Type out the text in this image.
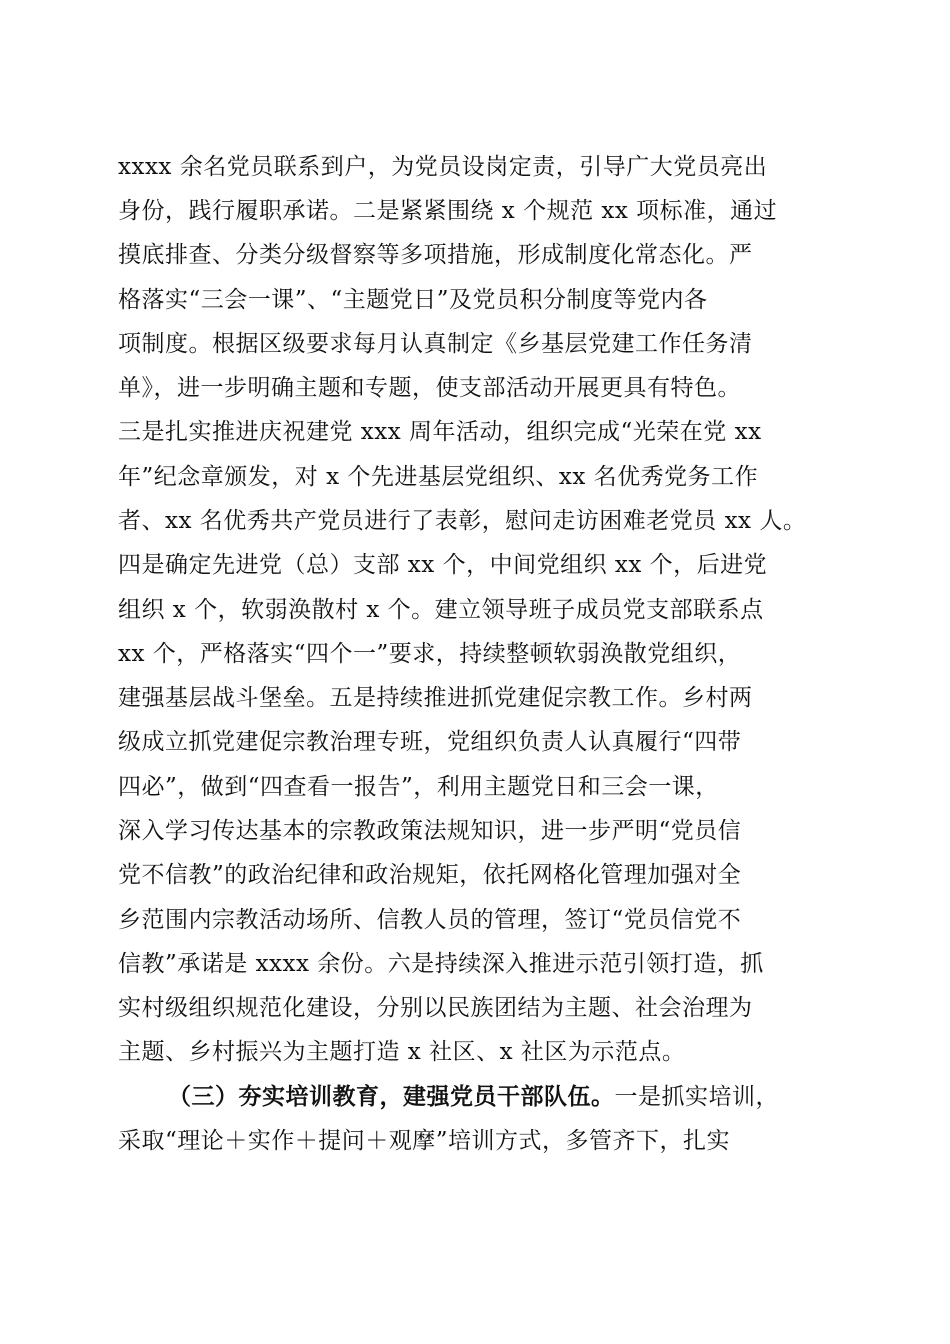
xxxx 余名党员联系到户，为党员设岗定责，引导广大党员亮出
身份，践行履职承诺。二是紧紧围绕 x 个规范 xx 项标准，通过
摸底排查、分类分级督察等多项措施，形成制度化常态化。严
格落实“三会一课”、“主题党日”及党员积分制度等党内各
项制度。根据区级要求每月认真制定《乡基层党建工作任务清
单》，进一步明确主题和专题，使支部活动开展更具有特色。
三是扎实推进庆祝建党 xxx 周年活动，组织完成“光荣在党 xx
年”纪念章颁发，对 x 个先进基层党组织、xx 名优秀党务工作
者、xx 名优秀共产党员进行了表彰，慰问走访困难老党员 xx 人。
四是确定先进党（总）支部 xx 个，中间党组织 xx 个，后进党
组织 x 个，软弱涣散村 x 个。建立领导班子成员党支部联系点
xx 个，严格落实“四个一”要求，持续整顿软弱涣散党组织，
建强基层战斗堡垒。五是持续推进抓党建促宗教工作。乡村两
级成立抓党建促宗教治理专班，党组织负责人认真履行“四带
四必”，做到“四查看一报告”，利用主题党日和三会一课，
深入学习传达基本的宗教政策法规知识，进一步严明“党员信
党不信教”的政治纪律和政治规矩，依托网格化管理加强对全
乡范围内宗教活动场所、信教人员的管理，签订“党员信党不
信教”承诺是 xxxx 余份。六是持续深入推进示范引领打造，抓
实村级组织规范化建设，分别以民族团结为主题、社会治理为
主题、乡村振兴为主题打造 x 社区、x 社区为示范点。
（三）夯实培训教育，建强党员干部队伍。一是抓实培训，
采取“理论＋实作＋提问＋观摩”培训方式，多管齐下，扎实
